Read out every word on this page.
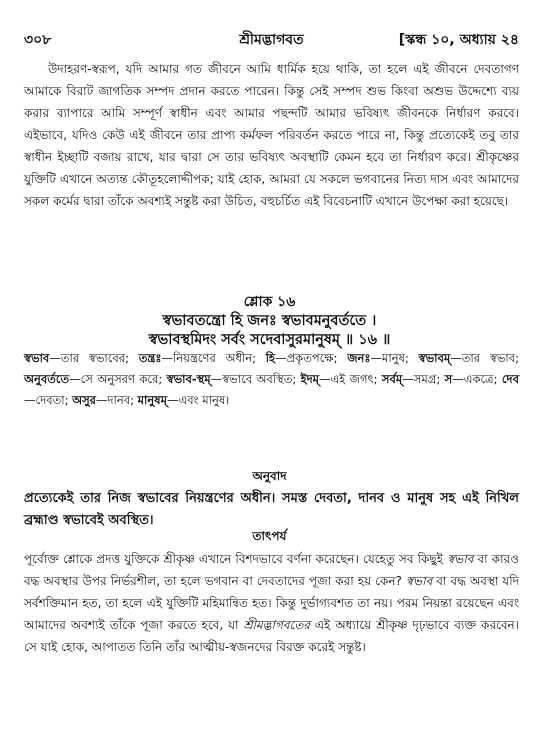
৩০৮	শ্রীমদ্ভাগবত	[স্কন্ধ ১০, অধ্যায় ২৪
উদাহরণ-স্বরূপ, যদি আমার গত জীবনে আমি ধার্মিক হয়ে থাকি, তা হলে এই জীবনে দেবতাগণ আমাকে বিরাট জাগতিক সম্পদ প্রদান করতে পারেন। কিন্তু সেই সম্পদ শুভ কিংবা অশুভ উদ্দেশ্যে ব্যয় করার ব্যাপারে আমি সম্পূর্ণ স্বাধীন এবং আমার পছন্দটি আমার ভবিষ্যৎ জীবনকে নির্ধারণ করবে। এইভাবে, যদিও কেউ এই জীবনে তার প্রাপ্য কর্মফল পরিবর্তন করতে পারে না, কিন্তু প্রত্যেকেই তবু তার স্বাধীন ইচ্ছাটি বজায় রাখে, যার দ্বারা সে তার ভবিষ্যৎ অবস্থাটি কেমন হবে তা নির্ধারণ করে। শ্রীকৃষ্ণের যুক্তিটি এখানে অত্যন্ত কৌতূহলোদ্দীপক; যাই হোক, আমরা যে সকলে ভগবানের নিত্য দাস এবং আমাদের সকল কর্মের দ্বারা তাঁকে অবশ্যই সন্তুষ্ট করা উচিত, বহুচর্চিত এই বিবেচনাটি এখানে উপেক্ষা করা হয়েছে।
শ্লোক ১৬
স্বভাবতন্ত্রো হি জনঃ স্বভাবমনুবর্ততে ।
স্বভাবস্থমিদং সর্বং সদেবাসুরমানুষম্ ॥ ১৬ ॥
স্বভাব—তার স্বভাবের; তন্ত্রঃ—নিয়ন্ত্রণের অধীন; হি—প্রকৃতপক্ষে; জনঃ—মানুষ; স্বভাবম্—তার স্বভাব; অনুবর্ততে—সে অনুসরণ করে; স্বভাব-স্থম্—স্বভাবে অবস্থিত; ইদম্—এই জগৎ; সর্বম্—সমগ্র; স—একত্রে; দেব—দেবতা; অসুর—দানব; মানুষম্—এবং মানুষ।
অনুবাদ
প্রত্যেকেই তার নিজ স্বভাবের নিয়ন্ত্রণের অধীন। সমস্ত দেবতা, দানব ও মানুষ সহ এই নিখিল ব্রহ্মাণ্ড স্বভাবেই অবস্থিত।
তাৎপর্য
পূর্বোক্ত শ্লোকে প্রদত্ত যুক্তিকে শ্রীকৃষ্ণ এখানে বিশদভাবে বর্ণনা করেছেন। যেহেতু সব কিছুই স্বভাব বা কারও বদ্ধ অবস্থার উপর নির্ভরশীল, তা হলে ভগবান বা দেবতাদের পূজা করা হয় কেন? স্বভাব বা বদ্ধ অবস্থা যদি সর্বশক্তিমান হত, তা হলে এই যুক্তিটি মহিমান্বিত হত। কিন্তু দুর্ভাগ্যবশত তা নয়। পরম নিয়ন্তা রয়েছেন এবং আমাদের অবশ্যই তাঁকে পূজা করতে হবে, যা শ্রীমদ্ভাগবতের এই অধ্যায়ে শ্রীকৃষ্ণ দৃঢ়ভাবে ব্যক্ত করবেন। সে যাই হোক, আপাতত তিনি তাঁর আত্মীয়-স্বজনদের বিরক্ত করেই সন্তুষ্ট।
